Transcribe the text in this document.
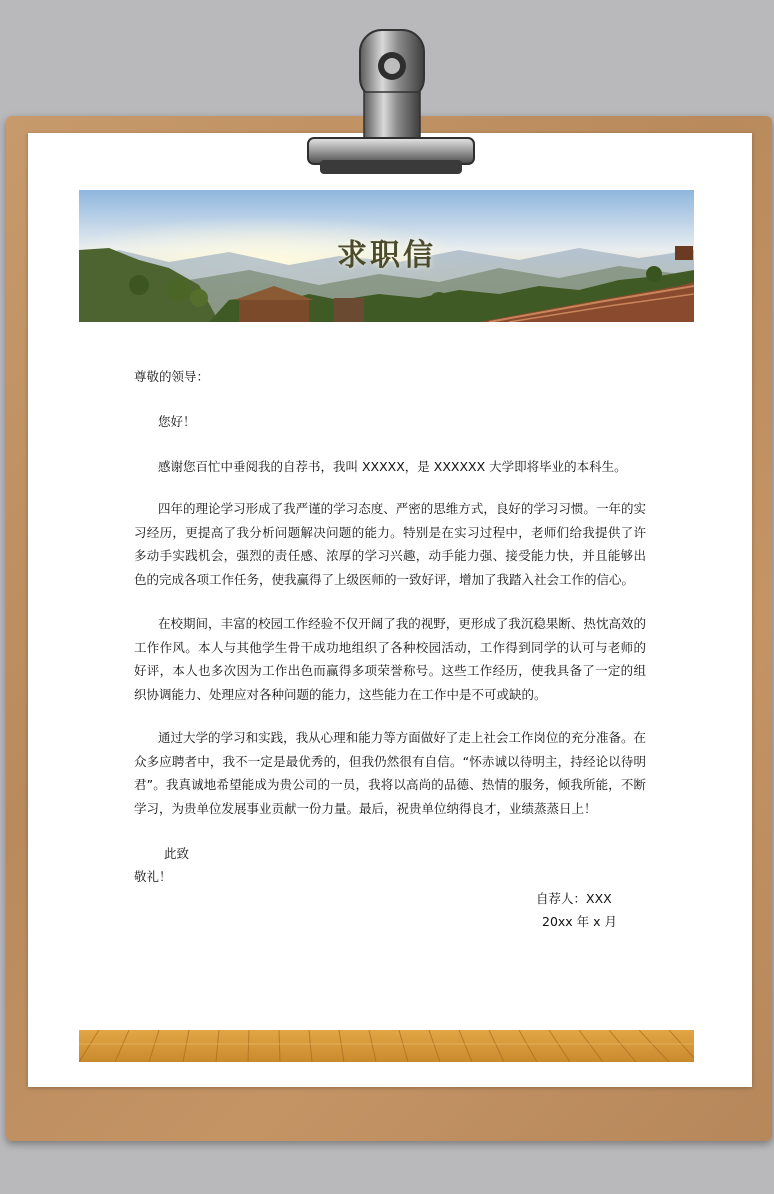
求职信
尊敬的领导：
您好！
感谢您百忙中垂阅我的自荐书，我叫 XXXXX，是 XXXXXX 大学即将毕业的本科生。
四年的理论学习形成了我严谨的学习态度、严密的思维方式，良好的学习习惯。一年的实习经历，更提高了我分析问题解决问题的能力。特别是在实习过程中，老师们给我提供了许多动手实践机会，强烈的责任感、浓厚的学习兴趣，动手能力强、接受能力快，并且能够出色的完成各项工作任务，使我赢得了上级医师的一致好评，增加了我踏入社会工作的信心。
在校期间，丰富的校园工作经验不仅开阔了我的视野，更形成了我沉稳果断、热忱高效的工作作风。本人与其他学生骨干成功地组织了各种校园活动，工作得到同学的认可与老师的好评，本人也多次因为工作出色而赢得多项荣誉称号。这些工作经历，使我具备了一定的组织协调能力、处理应对各种问题的能力，这些能力在工作中是不可或缺的。
通过大学的学习和实践，我从心理和能力等方面做好了走上社会工作岗位的充分准备。在众多应聘者中，我不一定是最优秀的，但我仍然很有自信。“怀赤诚以待明主，持经论以待明君”。我真诚地希望能成为贵公司的一员，我将以高尚的品德、热情的服务，倾我所能，不断学习，为贵单位发展事业贡献一份力量。最后，祝贵单位纳得良才，业绩蒸蒸日上！
此致
敬礼！
自荐人：XXX
20xx 年 x 月
